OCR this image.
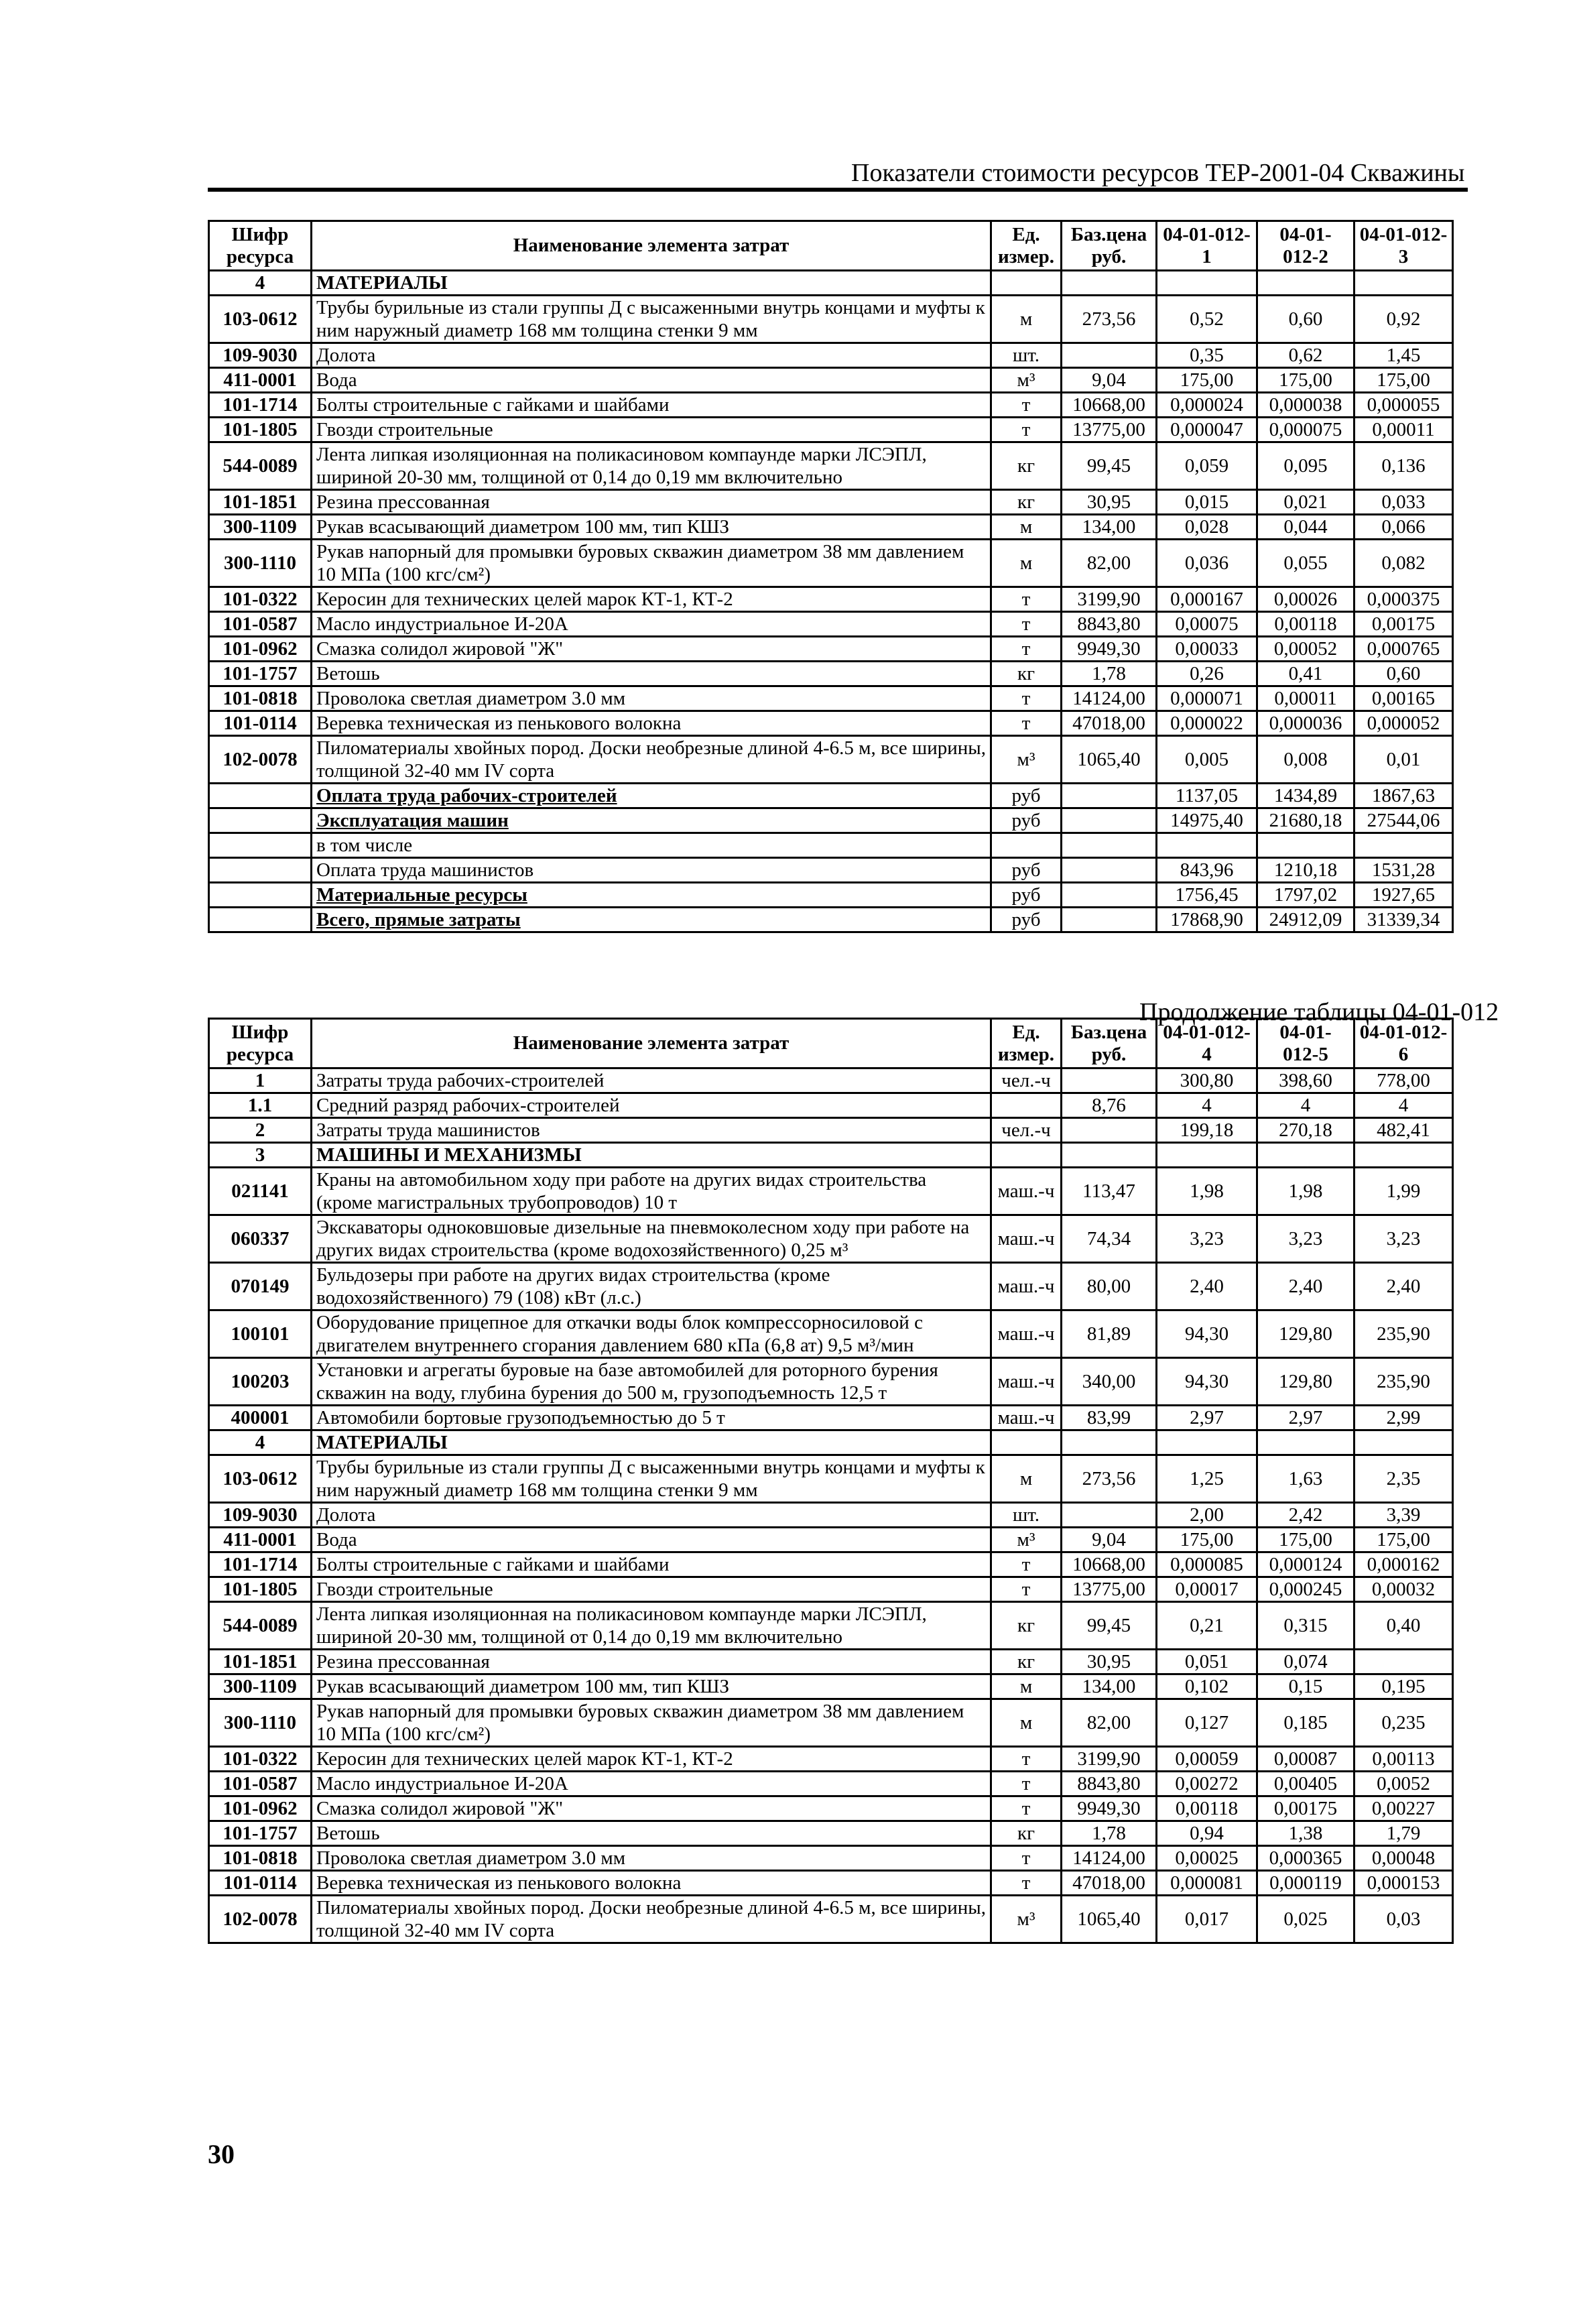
Показатели стоимости ресурсов ТЕР-2001-04 Скважины
Шифр ресурса	Наименование элемента затрат	Ед. измер.	Баз.цена руб.	04-01-012-1	04-01-012-2	04-01-012-3
4	МАТЕРИАЛЫ					
103-0612	Трубы бурильные из стали группы Д с высаженными внутрь концами и муфты к ним наружный диаметр 168 мм толщина стенки 9 мм	м	273,56	0,52	0,60	0,92
109-9030	Долота	шт.		0,35	0,62	1,45
411-0001	Вода	м³	9,04	175,00	175,00	175,00
101-1714	Болты строительные с гайками и шайбами	т	10668,00	0,000024	0,000038	0,000055
101-1805	Гвозди строительные	т	13775,00	0,000047	0,000075	0,00011
544-0089	Лента липкая изоляционная на поликасиновом компаунде марки ЛСЭПЛ, шириной 20-30 мм, толщиной от 0,14 до 0,19 мм включительно	кг	99,45	0,059	0,095	0,136
101-1851	Резина прессованная	кг	30,95	0,015	0,021	0,033
300-1109	Рукав всасывающий диаметром 100 мм, тип КШЗ	м	134,00	0,028	0,044	0,066
300-1110	Рукав напорный для промывки буровых скважин диаметром 38 мм давлением 10 МПа (100 кгс/см²)	м	82,00	0,036	0,055	0,082
101-0322	Керосин для технических целей марок КТ-1, КТ-2	т	3199,90	0,000167	0,00026	0,000375
101-0587	Масло индустриальное И-20А	т	8843,80	0,00075	0,00118	0,00175
101-0962	Смазка солидол жировой "Ж"	т	9949,30	0,00033	0,00052	0,000765
101-1757	Ветошь	кг	1,78	0,26	0,41	0,60
101-0818	Проволока светлая диаметром 3.0 мм	т	14124,00	0,000071	0,00011	0,00165
101-0114	Веревка техническая из пенькового волокна	т	47018,00	0,000022	0,000036	0,000052
102-0078	Пиломатериалы хвойных пород. Доски необрезные длиной 4-6.5 м, все ширины, толщиной 32-40 мм IV сорта	м³	1065,40	0,005	0,008	0,01
	Оплата труда рабочих-строителей	руб		1137,05	1434,89	1867,63
	Эксплуатация машин	руб		14975,40	21680,18	27544,06
	в том числе					
	Оплата труда машинистов	руб		843,96	1210,18	1531,28
	Материальные ресурсы	руб		1756,45	1797,02	1927,65
	Всего, прямые затраты	руб		17868,90	24912,09	31339,34
Продолжение таблицы 04-01-012
Шифр ресурса	Наименование элемента затрат	Ед. измер.	Баз.цена руб.	04-01-012-4	04-01-012-5	04-01-012-6
1	Затраты труда рабочих-строителей	чел.-ч		300,80	398,60	778,00
1.1	Средний разряд рабочих-строителей		8,76	4	4	4
2	Затраты труда машинистов	чел.-ч		199,18	270,18	482,41
3	МАШИНЫ И МЕХАНИЗМЫ					
021141	Краны на автомобильном ходу при работе на других видах строительства (кроме магистральных трубопроводов) 10 т	маш.-ч	113,47	1,98	1,98	1,99
060337	Экскаваторы одноковшовые дизельные на пневмоколесном ходу при работе на других видах строительства (кроме водохозяйственного) 0,25 м³	маш.-ч	74,34	3,23	3,23	3,23
070149	Бульдозеры при работе на других видах строительства (кроме водохозяйственного) 79 (108) кВт (л.с.)	маш.-ч	80,00	2,40	2,40	2,40
100101	Оборудование прицепное для откачки воды блок компрессорносиловой с двигателем внутреннего сгорания давлением 680 кПа (6,8 ат) 9,5 м³/мин	маш.-ч	81,89	94,30	129,80	235,90
100203	Установки и агрегаты буровые на базе автомобилей для роторного бурения скважин на воду, глубина бурения до 500 м, грузоподъемность 12,5 т	маш.-ч	340,00	94,30	129,80	235,90
400001	Автомобили бортовые грузоподъемностью до 5 т	маш.-ч	83,99	2,97	2,97	2,99
4	МАТЕРИАЛЫ					
103-0612	Трубы бурильные из стали группы Д с высаженными внутрь концами и муфты к ним наружный диаметр 168 мм толщина стенки 9 мм	м	273,56	1,25	1,63	2,35
109-9030	Долота	шт.		2,00	2,42	3,39
411-0001	Вода	м³	9,04	175,00	175,00	175,00
101-1714	Болты строительные с гайками и шайбами	т	10668,00	0,000085	0,000124	0,000162
101-1805	Гвозди строительные	т	13775,00	0,00017	0,000245	0,00032
544-0089	Лента липкая изоляционная на поликасиновом компаунде марки ЛСЭПЛ, шириной 20-30 мм, толщиной от 0,14 до 0,19 мм включительно	кг	99,45	0,21	0,315	0,40
101-1851	Резина прессованная	кг	30,95	0,051	0,074	
300-1109	Рукав всасывающий диаметром 100 мм, тип КШЗ	м	134,00	0,102	0,15	0,195
300-1110	Рукав напорный для промывки буровых скважин диаметром 38 мм давлением 10 МПа (100 кгс/см²)	м	82,00	0,127	0,185	0,235
101-0322	Керосин для технических целей марок КТ-1, КТ-2	т	3199,90	0,00059	0,00087	0,00113
101-0587	Масло индустриальное И-20А	т	8843,80	0,00272	0,00405	0,0052
101-0962	Смазка солидол жировой "Ж"	т	9949,30	0,00118	0,00175	0,00227
101-1757	Ветошь	кг	1,78	0,94	1,38	1,79
101-0818	Проволока светлая диаметром 3.0 мм	т	14124,00	0,00025	0,000365	0,00048
101-0114	Веревка техническая из пенькового волокна	т	47018,00	0,000081	0,000119	0,000153
102-0078	Пиломатериалы хвойных пород. Доски необрезные длиной 4-6.5 м, все ширины, толщиной 32-40 мм IV сорта	м³	1065,40	0,017	0,025	0,03
30
